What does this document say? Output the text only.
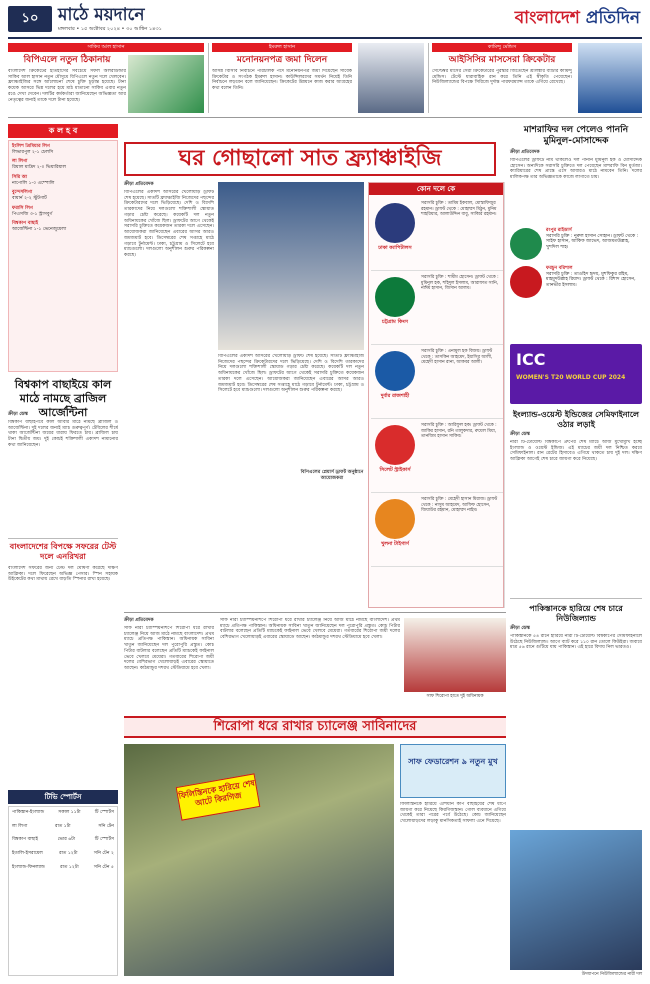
১০	মাঠে ময়দানে
মঙ্গলবার • ১৫ অক্টোবর ২০২৪ • ৩০ আশ্বিন ১৪৩১
বাংলাদেশ প্রতিদিন
সাকিব আল হাসান
বিপিএলে নতুন ঠিকানায়
বাংলাদেশ ক্রিকেটের ইতিহাসের সবচেয়ে সফল অলরাউন্ডার সাকিব আল হাসান নতুন মৌসুমে বিপিএলে নতুন দলে খেলবেন। ফ্র্যাঞ্চাইজির সঙ্গে আলোচনা শেষে চুক্তি চূড়ান্ত হয়েছে। টানা কয়েক আসরে ভিন্ন দলের হয়ে মাঠ মাতানো সাকিব এবার নতুন রঙে দেখা দেবেন। দলটির কর্মকর্তারা জানিয়েছেন অভিজ্ঞতা আর নেতৃত্বের জন্যই তাকে দলে টানা হয়েছে।
ইমরুল হাসান
মনোনয়নপত্র জমা দিলেন
আসন্ন বিসিবি নির্বাচনে পরিচালক পদে মনোনয়নপত্র জমা দিয়েছেন সাবেক ক্রিকেটার ও সংগঠক ইমরুল হাসান। কাউন্সিলরদের সমর্থন নিয়েই তিনি নির্বাচনে লড়বেন বলে জানিয়েছেন। ক্রিকেটের উন্নয়নে কাজ করার আগ্রহের কথা বলেন তিনি।
কামিন্দু মেন্ডিস
আইসিসির মাসসেরা ক্রিকেটার
সেপ্টেম্বর মাসের সেরা ক্রিকেটারের পুরস্কার জিতেছেন শ্রীলঙ্কার ব্যাটার কামিন্দু মেন্ডিস। টেস্টে ধারাবাহিক রান করে তিনি এই স্বীকৃতি পেয়েছেন। নিউজিল্যান্ডের বিপক্ষে সিরিজে দুর্দান্ত পারফরম্যান্স তাকে এগিয়ে রেখেছে।
ক ল হ ব
ইংলিশ প্রিমিয়ার লিগ
লিভারপুল ২-১ চেলসি
লা লিগা
রিয়াল মাদ্রিদ ২-০ ভিয়ারিয়াল
সিরি আ
নাপোলি ১-০ এম্পোলি
বুন্দেসলিগা
বায়ার্ন ২-২ স্টুটগার্ট
ফরাসি লিগ
পিএসজি ৩-১ স্ট্রাসবুর্গ
বিশ্বকাপ বাছাই
আর্জেন্টিনা ১-১ ভেনেজুয়েলা
বিশ্বকাপ বাছাইয়ে কাল মাঠে নামছে ব্রাজিল আর্জেন্টিনা
ক্রীড়া ডেস্ক
বিশ্বকাপ বাছাইপর্বে কাল আবার মাঠে নামছে ব্রাজিল ও আর্জেন্টিনা। দুই দলের জন্যই ম্যাচ গুরুত্বপূর্ণ। টেবিলের শীর্ষে থাকা আর্জেন্টিনা জয়ের ধারায় ফিরতে চায়। ব্রাজিল চায় টানা দ্বিতীয় জয়। দুই কোচই শক্তিশালী একাদশ নামানোর কথা জানিয়েছেন।
বাংলাদেশের বিপক্ষে সফরের টেস্ট দলে এনরিখরা
বাংলাদেশ সফরের জন্য টেস্ট দল ঘোষণা করেছে দক্ষিণ আফ্রিকা। দলে ফিরেছেন অভিজ্ঞ পেসার। স্পিন সহায়ক উইকেটের কথা মাথায় রেখে বাড়তি স্পিনার রাখা হয়েছে।
টিভি স্পোর্টস
পাকিস্তান-ইংল্যান্ড	সকাল ১১টা	টি স্পোর্টস
লা লিগা	রাত ১টা	সনি টেন
বিশ্বকাপ বাছাই	ভোর ৬টা	টি স্পোর্টস
ইতালি-ইসরায়েল	রাত ১২টা	সনি টেন ২
ইংল্যান্ড-ফিনল্যান্ড	রাত ১২টা	সনি টেন ৫
ঘর গোছালো সাত ফ্র্যাঞ্চাইজি
ক্রীড়া প্রতিবেদক
বিপিএলের একাদশ আসরের খেলোয়াড় ড্রাফট শেষ হয়েছে। সাতটি ফ্র্যাঞ্চাইজি নিজেদের পছন্দের ক্রিকেটারদের দলে ভিড়িয়েছে। দেশি ও বিদেশি তারকাদের নিয়ে দলগুলো শক্তিশালী স্কোয়াড গড়ার চেষ্টা করেছে। কয়েকটি দল নতুন অধিনায়কের খোঁজে ছিল। ড্রাফটের আগে থেকেই সরাসরি চুক্তিতে কয়েকজন তারকা দলে এসেছেন। আয়োজকরা জানিয়েছেন এবারের আসর আরও জমজমাট হবে। ডিসেম্বরের শেষ সপ্তাহে মাঠে গড়াবে টুর্নামেন্ট। ঢাকা, চট্টগ্রাম ও সিলেটে হবে ম্যাচগুলো। দলগুলো অনুশীলন শুরুর পরিকল্পনা করছে।
বিপিএলের একাদশ আসরের খেলোয়াড় ড্রাফট শেষ হয়েছে। সাতটি ফ্র্যাঞ্চাইজি নিজেদের পছন্দের ক্রিকেটারদের দলে ভিড়িয়েছে। দেশি ও বিদেশি তারকাদের নিয়ে দলগুলো শক্তিশালী স্কোয়াড গড়ার চেষ্টা করেছে। কয়েকটি দল নতুন অধিনায়কের খোঁজে ছিল। ড্রাফটের আগে থেকেই সরাসরি চুক্তিতে কয়েকজন তারকা দলে এসেছেন। আয়োজকরা জানিয়েছেন এবারের আসর আরও জমজমাট হবে। ডিসেম্বরের শেষ সপ্তাহে মাঠে গড়াবে টুর্নামেন্ট। ঢাকা, চট্টগ্রাম ও সিলেটে হবে ম্যাচগুলো। দলগুলো অনুশীলন শুরুর পরিকল্পনা করছে।
বিপিএলের প্লেয়ার্স ড্রাফট অনুষ্ঠানে আয়োজকরা
কোন দলে কে
ঢাকা ক্যাপিটালস
সরাসরি চুক্তি : তামিম ইকবাল, মোস্তাফিজুর রহমান। ড্রাফট থেকে : মোহাম্মদ মিঠুন, মুনিম শাহরিয়ার, আলাউদ্দিন বাবু, সাব্বির রহমান।
চট্টগ্রাম কিংস
সরাসরি চুক্তি : শামীম হোসেন। ড্রাফট থেকে : মুমিনুল হক, শহিদুল ইসলাম, আরাফাত সানি, নাঈম হাসান, জিসান আলম।
দুর্বার রাজশাহী
সরাসরি চুক্তি : এনামুল হক বিজয়। ড্রাফট থেকে : তাসকিন আহমেদ, ইয়াসির আলী, মেহেদী হাসান রানা, আকবর আলী।
সিলেট স্ট্রাইকার্স
সরাসরি চুক্তি : আরিফুল হক। ড্রাফট থেকে : জাকির হাসান, রনি তালুকদার, রুয়েল মিয়া, তানজিম হাসান সাকিব।
খুলনা টাইগার্স
সরাসরি চুক্তি : মেহেদী হাসান মিরাজ। ড্রাফট থেকে : নাসুম আহমেদ, আফিফ হোসেন, জিয়াউর রহমান, মোহাম্মদ নাইম।
মাশরাফির দল পেলেও পাননি মুমিনুল-মোসাদ্দেক
ক্রীড়া প্রতিবেদক
বিপিএলের ড্রাফটে নাম থাকলেও দল পাননি মুমিনুল হক ও মোসাদ্দেক হোসেন। অন্যদিকে সরাসরি চুক্তিতে দল পেয়েছেন মাশরাফি বিন মুর্তজা। ক্যারিয়ারের শেষ প্রান্তে এসে আবারও মাঠে নামবেন তিনি। দলের মালিকপক্ষ তার অভিজ্ঞতাকে কাজে লাগাতে চায়।
রংপুর রাইডার্স
সরাসরি চুক্তি : নুরুল হাসান সোহান। ড্রাফট থেকে : সাইফ হাসান, আকিফ জাভেদ, আজমতউল্লাহ, খুশদিল শাহ।
ফরচুন বরিশাল
সরাসরি চুক্তি : তাওহিদ হৃদয়, মুশফিকুর রহিম, মাহমুদউল্লাহ রিয়াদ। ড্রাফট থেকে : রিশাদ হোসেন, তানভীর ইসলাম।
ICC
WOMEN'S T20 WORLD CUP 2024
ইংল্যান্ড-ওয়েস্ট ইন্ডিজের সেমিফাইনালে ওঠার লড়াই
ক্রীড়া ডেস্ক
নারী টি-টোয়েন্টি বিশ্বকাপে গ্রুপের শেষ ম্যাচে আজ মুখোমুখি হচ্ছে ইংল্যান্ড ও ওয়েস্ট ইন্ডিজ। এই ম্যাচের জয়ী দল নিশ্চিত করবে সেমিফাইনাল। রান রেটের হিসাবেও এগিয়ে থাকতে চায় দুই দল। দক্ষিণ আফ্রিকা আগেই শেষ চারে জায়গা করে নিয়েছে।
পাকিস্তানকে হারিয়ে শেষ চারে নিউজিল্যান্ড
ক্রীড়া ডেস্ক
পাকিস্তানকে ৫৪ রানে হারিয়ে নারী টি-টোয়েন্টি বিশ্বকাপের সেমিফাইনালে উঠেছে নিউজিল্যান্ড। আগে ব্যাট করে ১১০ রান তোলে কিউইরা। জবাবে মাত্র ৫৬ রানে গুটিয়ে যায় পাকিস্তান। এই হারে বিদায় নিল ভারতও।
উদযাপনে নিউজিল্যান্ডের নারী দল
ক্রীড়া প্রতিবেদক
সাফ নারী চ্যাম্পিয়নশিপে শিরোপা ধরে রাখার চ্যালেঞ্জ নিয়ে আজ মাঠে নামছে বাংলাদেশ। প্রথম ম্যাচে প্রতিপক্ষ পাকিস্তান। অধিনায়ক সাবিনা খাতুন জানিয়েছেন দল পুরোপুরি প্রস্তুত। কোচ পিটার বাটলার বলেছেন প্রতিটি ম্যাচকেই ফাইনাল ভেবে খেলবে মেয়েরা। গতবারের শিরোপা জয়ী দলের বেশিরভাগ খেলোয়াড়ই এবারের স্কোয়াডে আছেন। কাঠমান্ডুর দশরথ স্টেডিয়ামে হবে খেলা।
শিরোপা ধরে রাখার চ্যালেঞ্জ সাবিনাদের
সাফ নারী চ্যাম্পিয়নশিপে শিরোপা ধরে রাখার চ্যালেঞ্জ নিয়ে আজ মাঠে নামছে বাংলাদেশ। প্রথম ম্যাচে প্রতিপক্ষ পাকিস্তান। অধিনায়ক সাবিনা খাতুন জানিয়েছেন দল পুরোপুরি প্রস্তুত। কোচ পিটার বাটলার বলেছেন প্রতিটি ম্যাচকেই ফাইনাল ভেবে খেলবে মেয়েরা। গতবারের শিরোপা জয়ী দলের বেশিরভাগ খেলোয়াড়ই এবারের স্কোয়াডে আছেন। কাঠমান্ডুর দশরথ স্টেডিয়ামে হবে খেলা।
সাফ শিরোপা হাতে দুই অধিনায়ক
ফিলিস্তিনকে হারিয়ে শেষ আটে কিরগিজ
সাফ ফেডারেশন ৯ নতুন মুখ
ফিলিস্তিনকে হারিয়ে এশিয়ান কাপ বাছাইয়ের শেষ ধাপে জায়গা করে নিয়েছে কিরগিজস্তান। গোল ব্যবধানে এগিয়ে থেকেই তারা পরের পর্বে উঠেছে। কোচ জানিয়েছেন খেলোয়াড়দের লড়াকু মানসিকতাই সাফল্য এনে দিয়েছে।
